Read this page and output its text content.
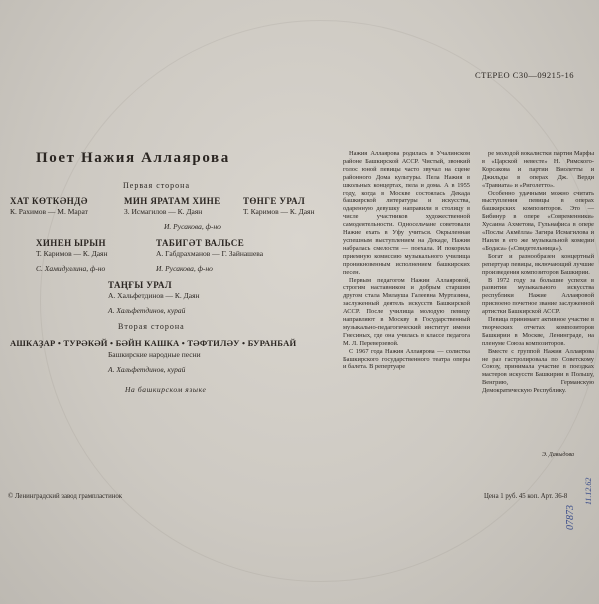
СТЕРЕО С30—09215-16
Поет Нажия Аллаярова
Первая сторона
ХАТ КӨТКӘНДӘ
К. Рахимов — М. Марат
МИН ЯРАТАМ ХИНЕ
З. Исмагилов — К. Даян
И. Русакова, ф-но
ТӨНГЕ УРАЛ
Т. Каримов — К. Даян
ХИНЕН ЫРЫН
Т. Каримов — К. Даян
С. Хамидуллина, ф-но
ТАБИГӘТ ВАЛЬСЕ
А. Габдрахманов — Г. Зайнашева
И. Русакова, ф-но
ТАҢҒЫ УРАЛ
А. Хальфетдинов — К. Даян
А. Хальфетдинов, курай
Вторая сторона
АШКАҘАР • ТУРӘКӘЙ • БӘЙН КАШКА • ТӘФТИЛӘУ • БУРАНБАЙ
Башкирские народные песни
А. Хальфетдинов, курай
На башкирском языке

Нажия Аллаярова родилась в Учалинском районе Башкирской АССР. Чистый, звонкий голос юной певицы часто звучал на сцене районного Дома культуры. Пела Нажия в школьных концертах, пела и дома. А в 1955 году, когда в Москве состоялась Декада башкирской литературы и искусства, одаренную девушку направили в столицу в числе участников художественной самодеятельности. Односельчане советовали Нажие ехать в Уфу учиться. Окрыленная успешным выступлением на Декаде, Нажия набралась смелости — поехала. И покорила приемную комиссию музыкального училища проникновенным исполнением башкирских песен.

Первым педагогом Нажии Аллаяровой, строгим наставником и добрым старшим другом стала Милауша Галеевна Муртазина, заслуженный деятель искусств Башкирской АССР. После училища молодую певицу направляют в Москву в Государственный музыкально-педагогический институт имени Гнесиных, где она училась в классе педагога М. Л. Переверзевой.

С 1967 года Нажия Аллаярова — солистка Башкирского государственного театра оперы и балета. В репертуаре

ре молодой вокалистки партия Марфы в «Царской невесте» Н. Римского-Корсакова и партии Виолетты и Джильды в операх Дж. Верди «Травиата» и «Риголетто».

Особенно удачными можно считать выступления певицы в операх башкирских композиторов. Это — Бибинур в опере «Современники» Хусаина Ахметова, Гульнафиса в опере «Послы Акмёлла» Загира Исмагилова и Наиля в его же музыкальной комедии «Бодаса» («Свидетельница»).

Богат и разнообразен концертный репертуар певицы, включающий лучшие произведения композиторов Башкирии.

В 1972 году за большие успехи в развитии музыкального искусства республики Нажие Аллаяровой присвоено почетное звание заслуженной артистки Башкирской АССР.

Певица принимает активное участие в творческих отчетах композиторов Башкирии в Москве, Ленинграде, на пленуме Союза композиторов.

Вместе с группой Нажия Аллаярова не раз гастролировала по Советскому Союзу, принимала участие в поездках мастеров искусств Башкирии в Польшу, Венгрию, Германскую Демократическую Республику.

Э. Давыдова
© Ленинградский завод грампластинок	Цена 1 руб. 45 коп. Арт. 36-8
07873
11.12.62
